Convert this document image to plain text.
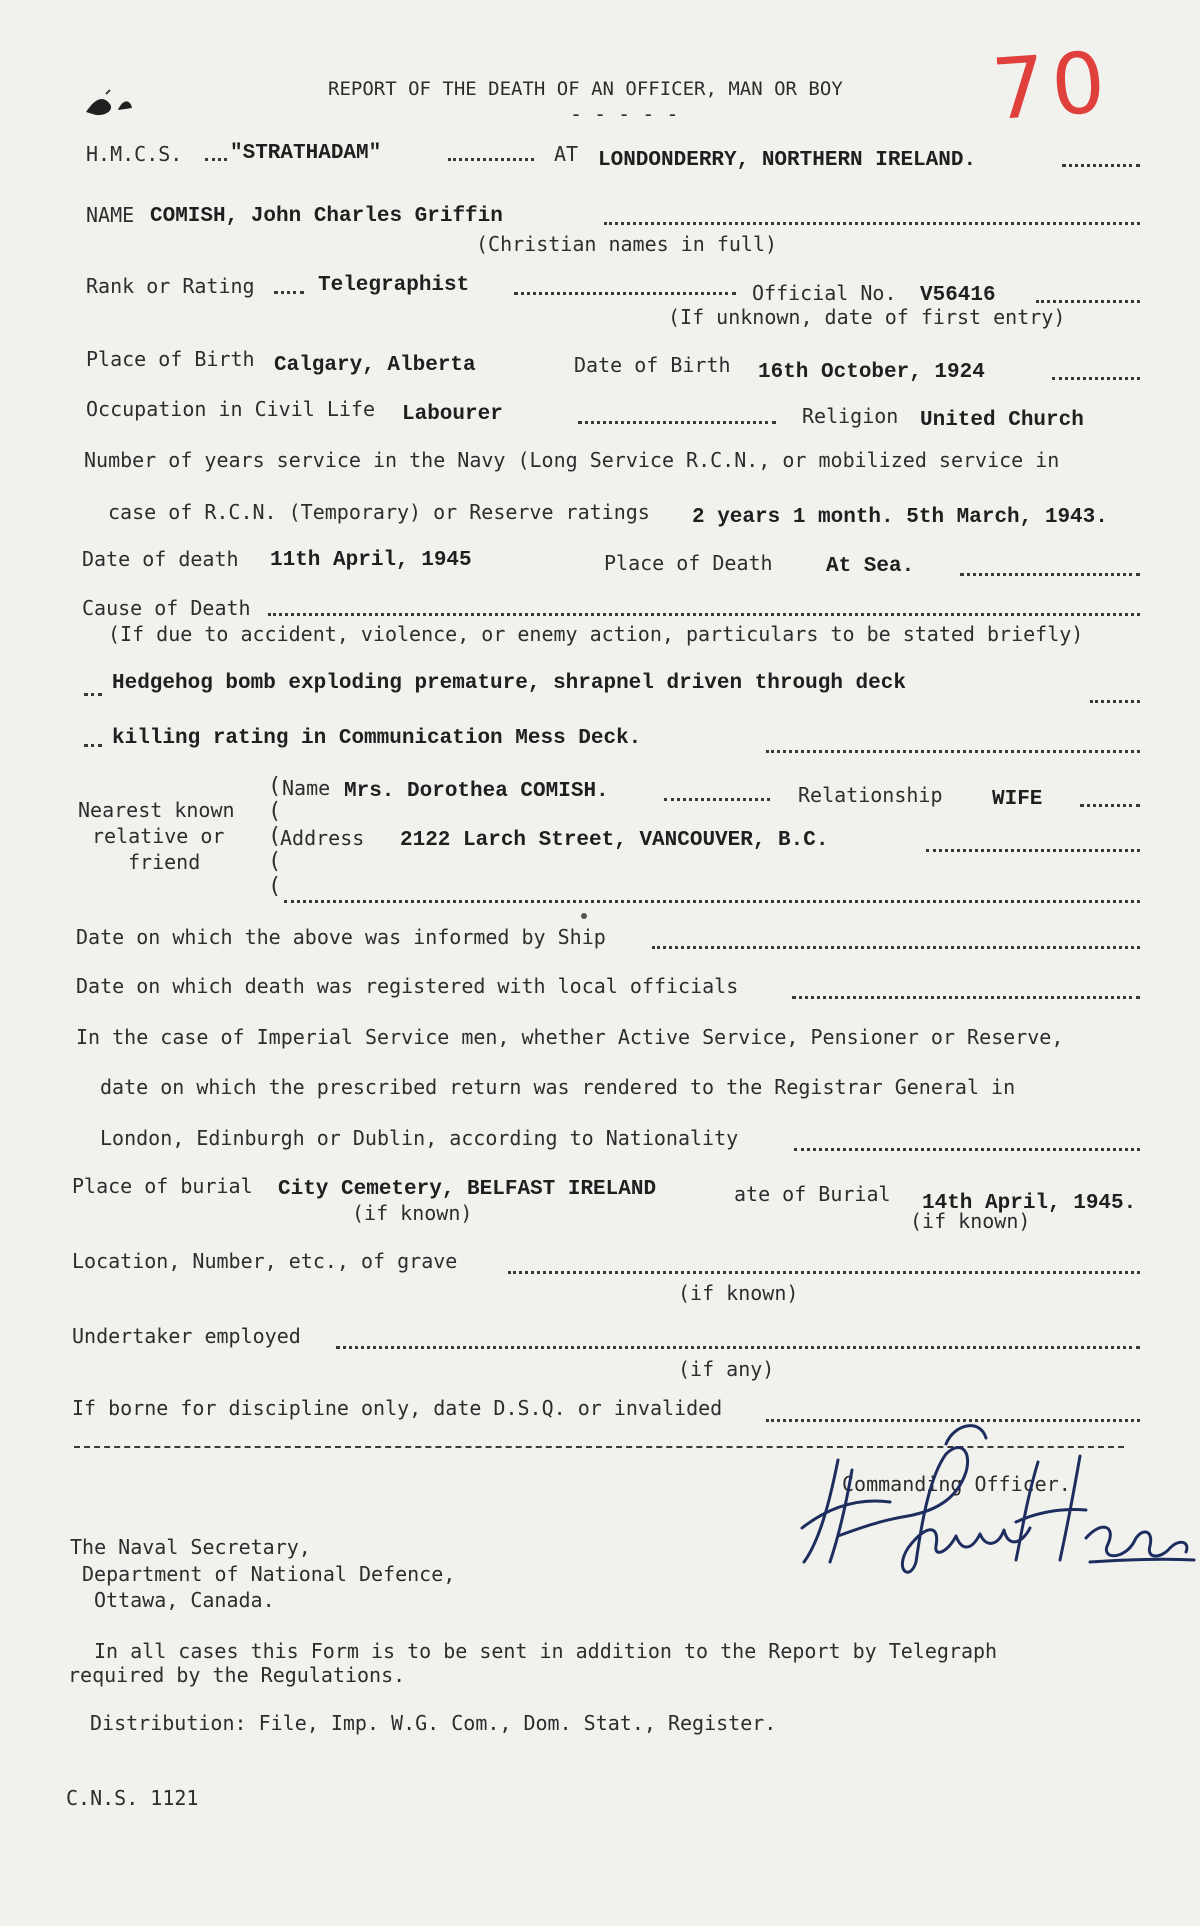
70
REPORT OF THE DEATH OF AN OFFICER, MAN OR BOY
- - - - -
H.M.C.S. "STRATHADAM"	AT LONDONDERRY, NORTHERN IRELAND.
NAME COMISH, John Charles Griffin
(Christian names in full)
Rank or Rating	Telegraphist	Official No. V56416
(If unknown, date of first entry)
Place of Birth Calgary, Alberta	Date of Birth 16th October, 1924
Occupation in Civil Life Labourer	Religion United Church
Number of years service in the Navy (Long Service R.C.N., or mobilized service in
case of R.C.N. (Temporary) or Reserve ratings 2 years 1 month. 5th March, 1943.
Date of death 11th April, 1945	Place of Death	At Sea.
Cause of Death
(If due to accident, violence, or enemy action, particulars to be stated briefly)
Hedgehog bomb exploding premature, shrapnel driven through deck
killing rating in Communication Mess Deck.
Nearest known
relative or
friend
(
(
(
(
(
Name Mrs. Dorothea COMISH.	Relationship WIFE
Address 2122 Larch Street, VANCOUVER, B.C.
Date on which the above was informed by Ship
Date on which death was registered with local officials
In the case of Imperial Service men, whether Active Service, Pensioner or Reserve,
date on which the prescribed return was rendered to the Registrar General in
London, Edinburgh or Dublin, according to Nationality
Place of burial City Cemetery, BELFAST IRELAND	ate of Burial 14th April, 1945.
(if known)	(if known)
Location, Number, etc., of grave
(if known)
Undertaker employed
(if any)
If borne for discipline only, date D.S.Q. or invalided
Commanding Officer.
The Naval Secretary,
Department of National Defence,
Ottawa, Canada.
In all cases this Form is to be sent in addition to the Report by Telegraph
required by the Regulations.
Distribution: File, Imp. W.G. Com., Dom. Stat., Register.
C.N.S. 1121
